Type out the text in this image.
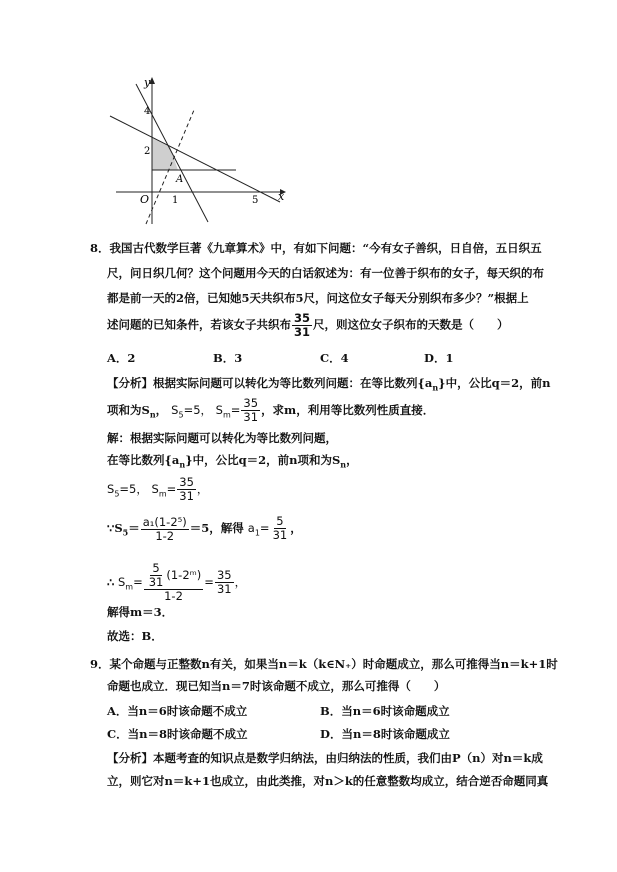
y
x
O
4
2
1	5
A
8．我国古代数学巨著《九章算术》中，有如下问题：“今有女子善织，日自倍，五日织五
尺，问日织几何？这个问题用今天的白话叙述为：有一位善于织布的女子，每天织的布
都是前一天的2倍，已知她5天共织布5尺，问这位女子每天分别织布多少？”根据上
述问题的已知条件，若该女子共织布 $\frac{35}{31}$ 尺，则这位女子织布的天数是（　　）
A．2	B．3	C．4	D．1
【分析】根据实际问题可以转化为等比数列问题：在等比数列$\{a_n\}$中，公比q＝2，前n
项和为$S_n$， $S_5=5$， $S_m= \frac{35}{31}$ ，求m，利用等比数列性质直接．
解：根据实际问题可以转化为等比数列问题，
在等比数列$\{a_n\}$中，公比q＝2，前n项和为$S_n$，
$S_5=5$， $S_m= \frac{35}{31}$ ，
$\because S_5= \frac{\text{a₁(1-2⁵)}}{1-2} =5$，解得 $a_1= \frac{5}{31}$ ，
∴ $S_m= \frac{\frac{5}{31} (1-2ᵐ)}{1-2} = \frac{35}{31}$ ，
解得m＝3．
故选：B．
9．某个命题与正整数n有关，如果当n＝k（k∈N₊）时命题成立，那么可推得当n＝k+1时
命题也成立．现已知当n＝7时该命题不成立，那么可推得（　　）
A．当n＝6时该命题不成立	B．当n＝6时该命题成立
C．当n＝8时该命题不成立	D．当n＝8时该命题成立
【分析】本题考查的知识点是数学归纳法，由归纳法的性质，我们由P（n）对n＝k成
立，则它对n＝k+1也成立，由此类推，对n＞k的任意整数均成立，结合逆否命题同真
